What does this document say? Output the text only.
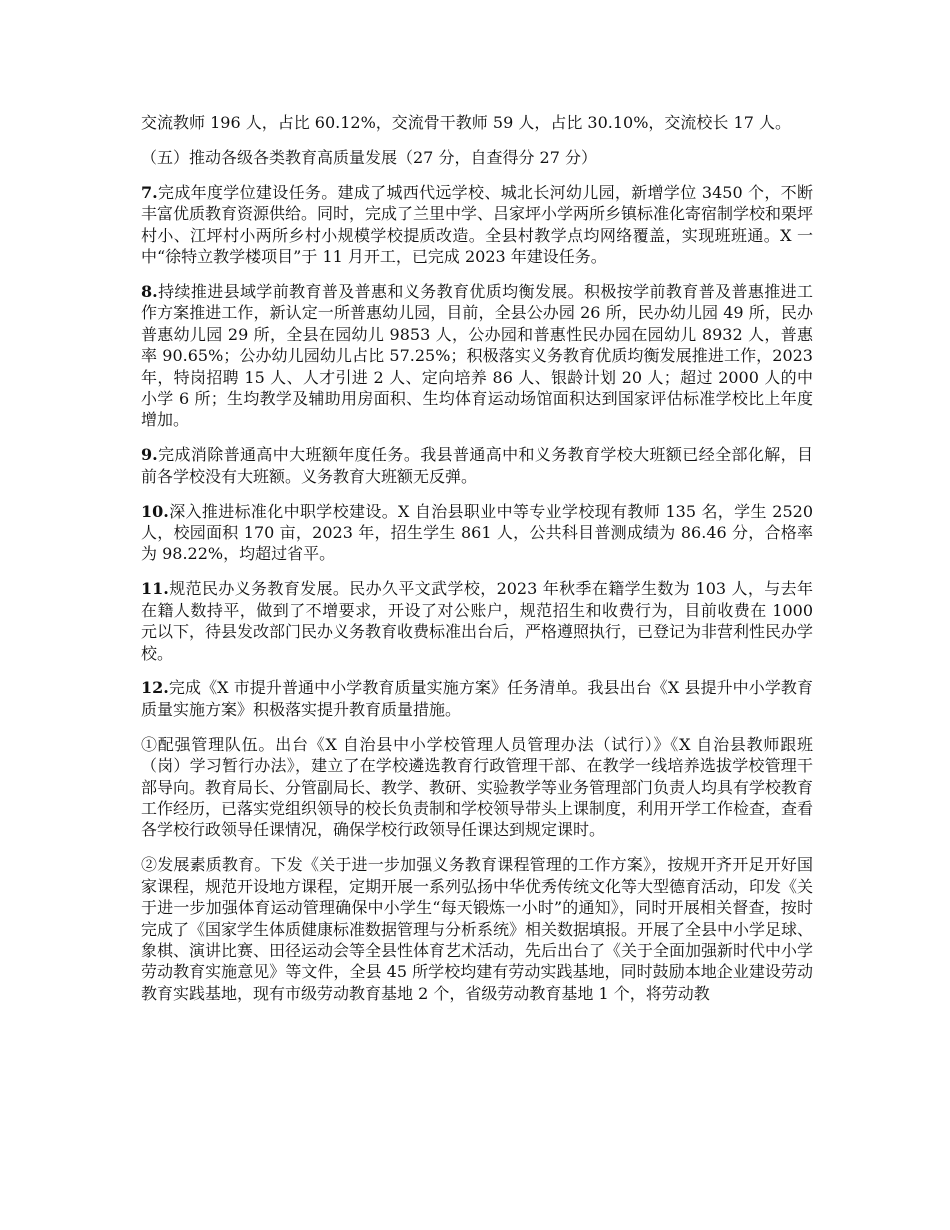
交流教师 196 人，占比 60.12%，交流骨干教师 59 人，占比 30.10%，交流校长 17 人。

（五）推动各级各类教育高质量发展（27 分，自查得分 27 分）

7.完成年度学位建设任务。建成了城西代远学校、城北长河幼儿园，新增学位 3450 个，不断丰富优质教育资源供给。同时，完成了兰里中学、吕家坪小学两所乡镇标准化寄宿制学校和栗坪村小、江坪村小两所乡村小规模学校提质改造。全县村教学点均网络覆盖，实现班班通。X 一中“徐特立教学楼项目”于 11 月开工，已完成 2023 年建设任务。

8.持续推进县域学前教育普及普惠和义务教育优质均衡发展。积极按学前教育普及普惠推进工作方案推进工作，新认定一所普惠幼儿园，目前，全县公办园 26 所，民办幼儿园 49 所，民办普惠幼儿园 29 所，全县在园幼儿 9853 人，公办园和普惠性民办园在园幼儿 8932 人，普惠率 90.65%；公办幼儿园幼儿占比 57.25%；积极落实义务教育优质均衡发展推进工作，2023 年，特岗招聘 15 人、人才引进 2 人、定向培养 86 人、银龄计划 20 人；超过 2000 人的中小学 6 所；生均教学及辅助用房面积、生均体育运动场馆面积达到国家评估标准学校比上年度增加。

9.完成消除普通高中大班额年度任务。我县普通高中和义务教育学校大班额已经全部化解，目前各学校没有大班额。义务教育大班额无反弹。

10.深入推进标准化中职学校建设。X 自治县职业中等专业学校现有教师 135 名，学生 2520 人，校园面积 170 亩，2023 年，招生学生 861 人，公共科目普测成绩为 86.46 分，合格率为 98.22%，均超过省平。

11.规范民办义务教育发展。民办久平文武学校，2023 年秋季在籍学生数为 103 人，与去年在籍人数持平，做到了不增要求，开设了对公账户，规范招生和收费行为，目前收费在 1000 元以下，待县发改部门民办义务教育收费标准出台后，严格遵照执行，已登记为非营利性民办学校。

12.完成《X 市提升普通中小学教育质量实施方案》任务清单。我县出台《X 县提升中小学教育质量实施方案》积极落实提升教育质量措施。

①配强管理队伍。出台《X 自治县中小学校管理人员管理办法（试行）》《X 自治县教师跟班（岗）学习暂行办法》，建立了在学校遴选教育行政管理干部、在教学一线培养选拔学校管理干部导向。教育局长、分管副局长、教学、教研、实验教学等业务管理部门负责人均具有学校教育工作经历，已落实党组织领导的校长负责制和学校领导带头上课制度，利用开学工作检查，查看各学校行政领导任课情况，确保学校行政领导任课达到规定课时。

②发展素质教育。下发《关于进一步加强义务教育课程管理的工作方案》，按规开齐开足开好国家课程，规范开设地方课程，定期开展一系列弘扬中华优秀传统文化等大型德育活动，印发《关于进一步加强体育运动管理确保中小学生“每天锻炼一小时”的通知》，同时开展相关督查，按时完成了《国家学生体质健康标准数据管理与分析系统》相关数据填报。开展了全县中小学足球、象棋、演讲比赛、田径运动会等全县性体育艺术活动，先后出台了《关于全面加强新时代中小学劳动教育实施意见》等文件，全县 45 所学校均建有劳动实践基地，同时鼓励本地企业建设劳动教育实践基地，现有市级劳动教育基地 2 个，省级劳动教育基地 1 个，将劳动教
